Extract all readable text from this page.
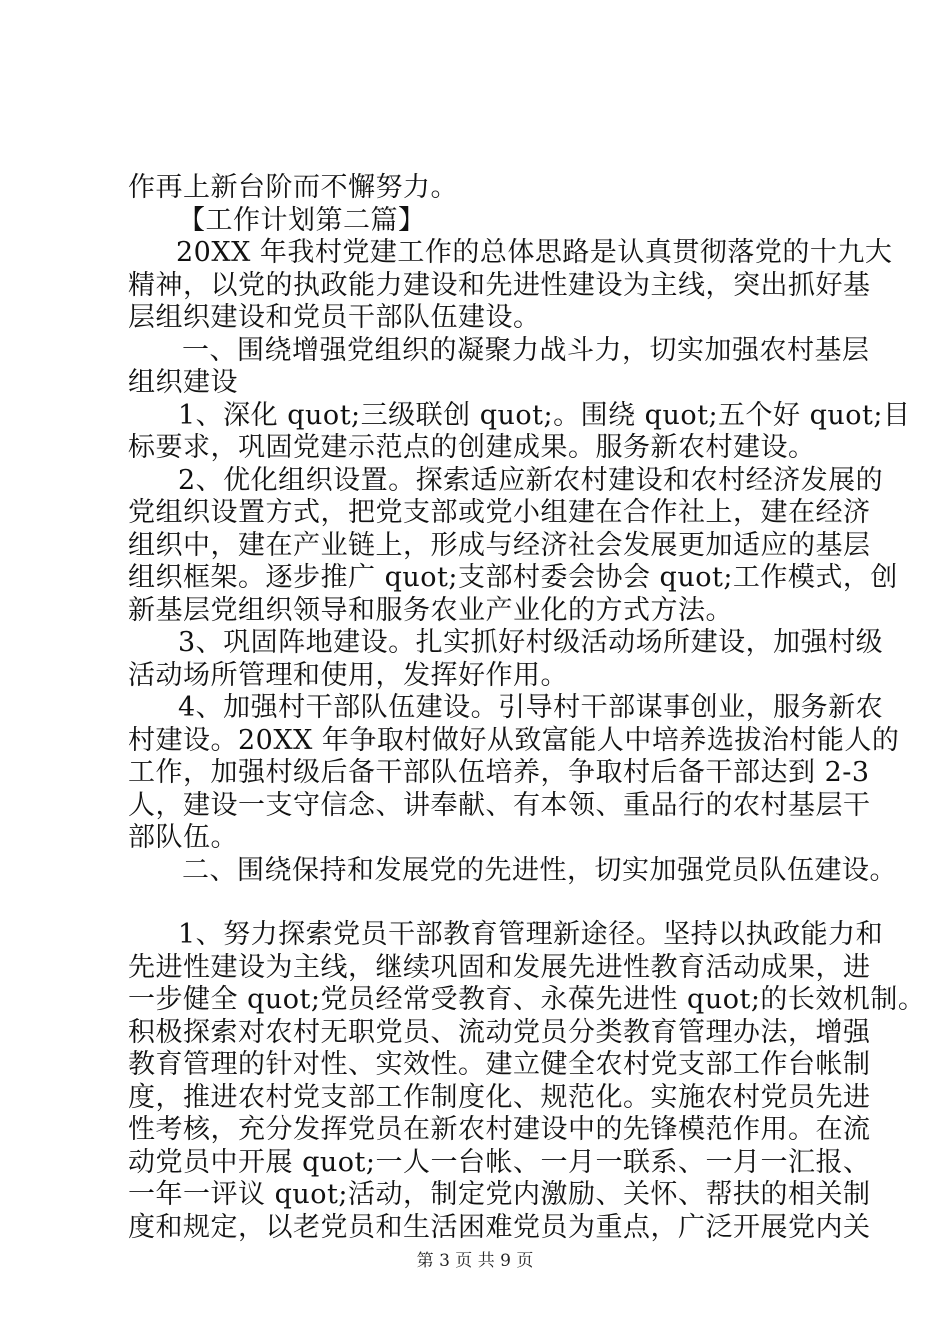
作再上新台阶而不懈努力。
【工作计划第二篇】
20XX 年我村党建工作的总体思路是认真贯彻落党的十九大
精神，以党的执政能力建设和先进性建设为主线，突出抓好基
层组织建设和党员干部队伍建设。
一、围绕增强党组织的凝聚力战斗力，切实加强农村基层
组织建设
1、深化 quot;三级联创 quot;。围绕 quot;五个好 quot;目
标要求，巩固党建示范点的创建成果。服务新农村建设。
2、优化组织设置。探索适应新农村建设和农村经济发展的
党组织设置方式，把党支部或党小组建在合作社上，建在经济
组织中，建在产业链上，形成与经济社会发展更加适应的基层
组织框架。逐步推广 quot;支部村委会协会 quot;工作模式，创
新基层党组织领导和服务农业产业化的方式方法。
3、巩固阵地建设。扎实抓好村级活动场所建设，加强村级
活动场所管理和使用，发挥好作用。
4、加强村干部队伍建设。引导村干部谋事创业，服务新农
村建设。20XX 年争取村做好从致富能人中培养选拔治村能人的
工作，加强村级后备干部队伍培养，争取村后备干部达到 2-3
人，建设一支守信念、讲奉献、有本领、重品行的农村基层干
部队伍。
二、围绕保持和发展党的先进性，切实加强党员队伍建设。
1、努力探索党员干部教育管理新途径。坚持以执政能力和
先进性建设为主线，继续巩固和发展先进性教育活动成果，进
一步健全 quot;党员经常受教育、永葆先进性 quot;的长效机制。
积极探索对农村无职党员、流动党员分类教育管理办法，增强
教育管理的针对性、实效性。建立健全农村党支部工作台帐制
度，推进农村党支部工作制度化、规范化。实施农村党员先进
性考核，充分发挥党员在新农村建设中的先锋模范作用。在流
动党员中开展 quot;一人一台帐、一月一联系、一月一汇报、
一年一评议 quot;活动，制定党内激励、关怀、帮扶的相关制
度和规定，以老党员和生活困难党员为重点，广泛开展党内关
第 3 页 共 9 页
